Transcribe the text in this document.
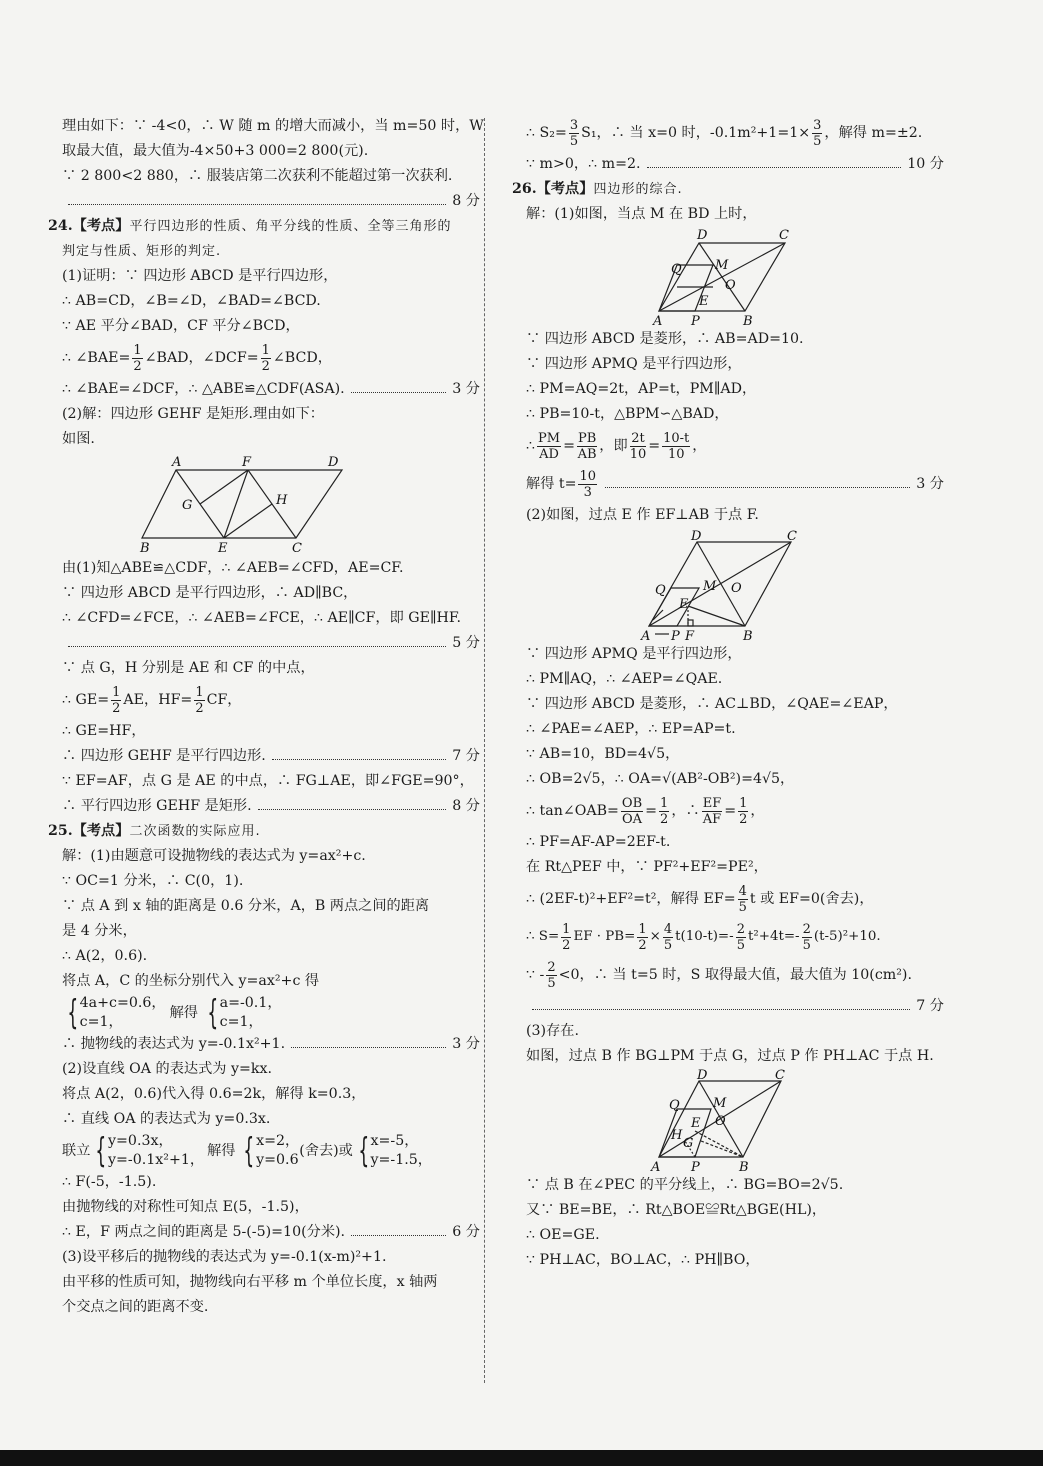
理由如下：∵ -4<0，∴ W 随 m 的增大而减小，当 m=50 时，W
取最大值，最大值为-4×50+3 000=2 800(元).
∵ 2 800<2 880，∴ 服装店第二次获利不能超过第一次获利.
8 分
24.【考点】 平行四边形的性质、角平分线的性质、全等三角形的
判定与性质、矩形的判定.
(1)证明：∵ 四边形 ABCD 是平行四边形，
∴ AB=CD，∠B=∠D，∠BAD=∠BCD.
∵ AE 平分∠BAD，CF 平分∠BCD，
∴ ∠BAE= $\frac{1}{2}$ ∠BAD，∠DCF= $\frac{1}{2}$ ∠BCD，
∴ ∠BAE=∠DCF，∴ △ABE≌△CDF(ASA).	3 分
(2)解：四边形 GEHF 是矩形.理由如下：
如图.
A	F	D
G	H
B	E	C
由(1)知△ABE≌△CDF，∴ ∠AEB=∠CFD，AE=CF.
∵ 四边形 ABCD 是平行四边形，∴ AD∥BC，
∴ ∠CFD=∠FCE，∴ ∠AEB=∠FCE，∴ AE∥CF，即 GE∥HF.
5 分
∵ 点 G，H 分别是 AE 和 CF 的中点，
∴ $GE= \frac{1}{2}$ AE，$HF= \frac{1}{2}$ CF，
∴ GE=HF，
∴ 四边形 GEHF 是平行四边形.	7 分
∵ EF=AF，点 G 是 AE 的中点，∴ FG⊥AE，即∠FGE=90°，
∴ 平行四边形 GEHF 是矩形.	8 分
25.【考点】 二次函数的实际应用.
解：(1)由题意可设抛物线的表达式为 y=ax²+c.
∵ OC=1 分米，∴ C(0，1).
∵ 点 A 到 x 轴的距离是 0.6 分米，A，B 两点之间的距离
是 4 分米，
∴ A(2，0.6).
将点 A，C 的坐标分别代入 y=ax²+c 得
{ 4a+c=0.6，
c=1，
解得 { a=-0.1，
c=1，
∴ 抛物线的表达式为 y=-0.1x²+1.	3 分
(2)设直线 OA 的表达式为 y=kx.
将点 A(2，0.6)代入得 0.6=2k，解得 k=0.3，
∴ 直线 OA 的表达式为 y=0.3x.
联立 { y=0.3x，
y=-0.1x²+1，
解得 { x=2，
y=0.6
(舍去)或 { x=-5，
y=-1.5，
∴ F(-5，-1.5).
由抛物线的对称性可知点 E(5，-1.5)，
∴ E，F 两点之间的距离是 5-(-5)=10(分米).	6 分
(3)设平移后的抛物线的表达式为 y=-0.1(x-m)²+1.
由平移的性质可知，抛物线向右平移 m 个单位长度，x 轴两
个交点之间的距离不变.
∴ $S_2= \frac{3}{5} S_1$，∴ 当 x=0 时，$-0.1m^2+1=1\times \frac{3}{5}$ ，解得 m=±2.
∵ m>0，∴ m=2.	10 分
26.【考点】 四边形的综合.
解：(1)如图，当点 M 在 BD 上时，
D	C
Q	M
O
E
A P	B
∵ 四边形 ABCD 是菱形，∴ AB=AD=10.
∵ 四边形 APMQ 是平行四边形，
∴ PM=AQ=2t，AP=t，PM∥AD，
∴ PB=10-t，△BPM∽△BAD，
∴ $\frac{PM}{AD} = \frac{PB}{AB}$ ，即 $\frac{2t}{10} = \frac{10-t}{10}$ ，
解得 $t= \frac{10}{3}$	3 分
(2)如图，过点 E 作 EF⊥AB 于点 F.
D	C
Q	M O
E
A P F	B
∵ 四边形 APMQ 是平行四边形，
∴ PM∥AQ，∴ ∠AEP=∠QAE.
∵ 四边形 ABCD 是菱形，∴ AC⊥BD，∠QAE=∠EAP，
∴ ∠PAE=∠AEP，∴ EP=AP=t.
∵ AB=10，BD=4√5，
∴ OB=2√5，∴ OA=√(AB²-OB²)=4√5，
∴ tan∠OAB= $\frac{OB}{OA} = \frac{1}{2}$ ，∴ $\frac{EF}{AF} = \frac{1}{2}$ ，
∴ PF=AF-AP=2EF-t.
在 Rt△PEF 中，∵ PF²+EF²=PE²，
∴ (2EF-t)²+EF²=t²，解得 $EF= \frac{4}{5}$ t 或 EF=0(舍去)，
∴ $S= \frac{1}{2}$ EF · $PB= \frac{1}{2} \times \frac{4}{5} t(10-t)=-$ 2
5
t²+4t=- 2
5
(t-5)²+10.
∵ - 2
5 <0，∴ 当 t=5 时，S 取得最大值，最大值为 10(cm²).
7 分
(3)存在.
如图，过点 B 作 BG⊥PM 于点 G，过点 P 作 PH⊥AC 于点 H.
D	C
Q	M
O
E
H
G
A P	B
∵ 点 B 在∠PEC 的平分线上，∴ BG=BO=2√5.
又∵ BE=BE，∴ Rt△BOE≌Rt△BGE(HL)，
∴ OE=GE.
∵ PH⊥AC，BO⊥AC，∴ PH∥BO，
